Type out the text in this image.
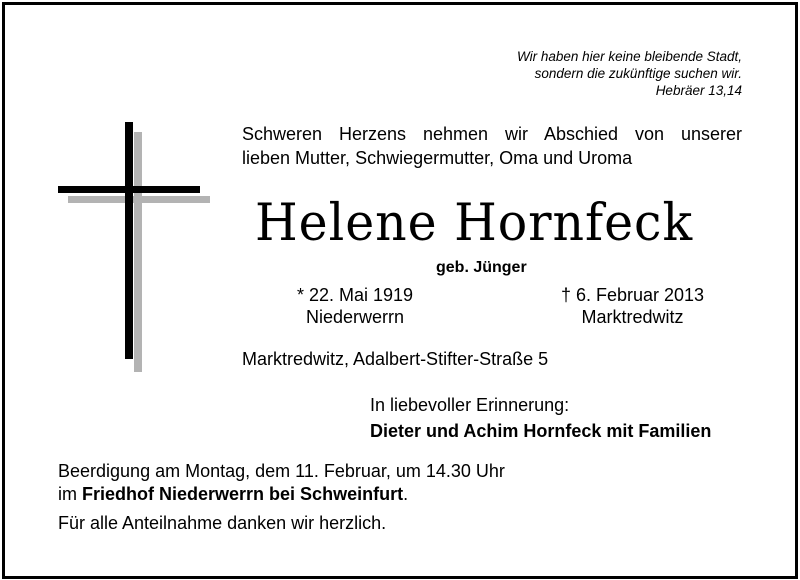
Wir haben hier keine bleibende Stadt,
sondern die zukünftige suchen wir.
Hebräer 13,14
Schweren Herzens nehmen wir Abschied von unserer
lieben Mutter, Schwiegermutter, Oma und Uroma
Helene Hornfeck
geb. Jünger
* 22. Mai 1919
Niederwerrn
† 6. Februar 2013
Marktredwitz
Marktredwitz, Adalbert-Stifter-Straße 5
In liebevoller Erinnerung:
Dieter und Achim Hornfeck mit Familien
Beerdigung am Montag, dem 11. Februar, um 14.30 Uhr
im Friedhof Niederwerrn bei Schweinfurt.
Für alle Anteilnahme danken wir herzlich.
